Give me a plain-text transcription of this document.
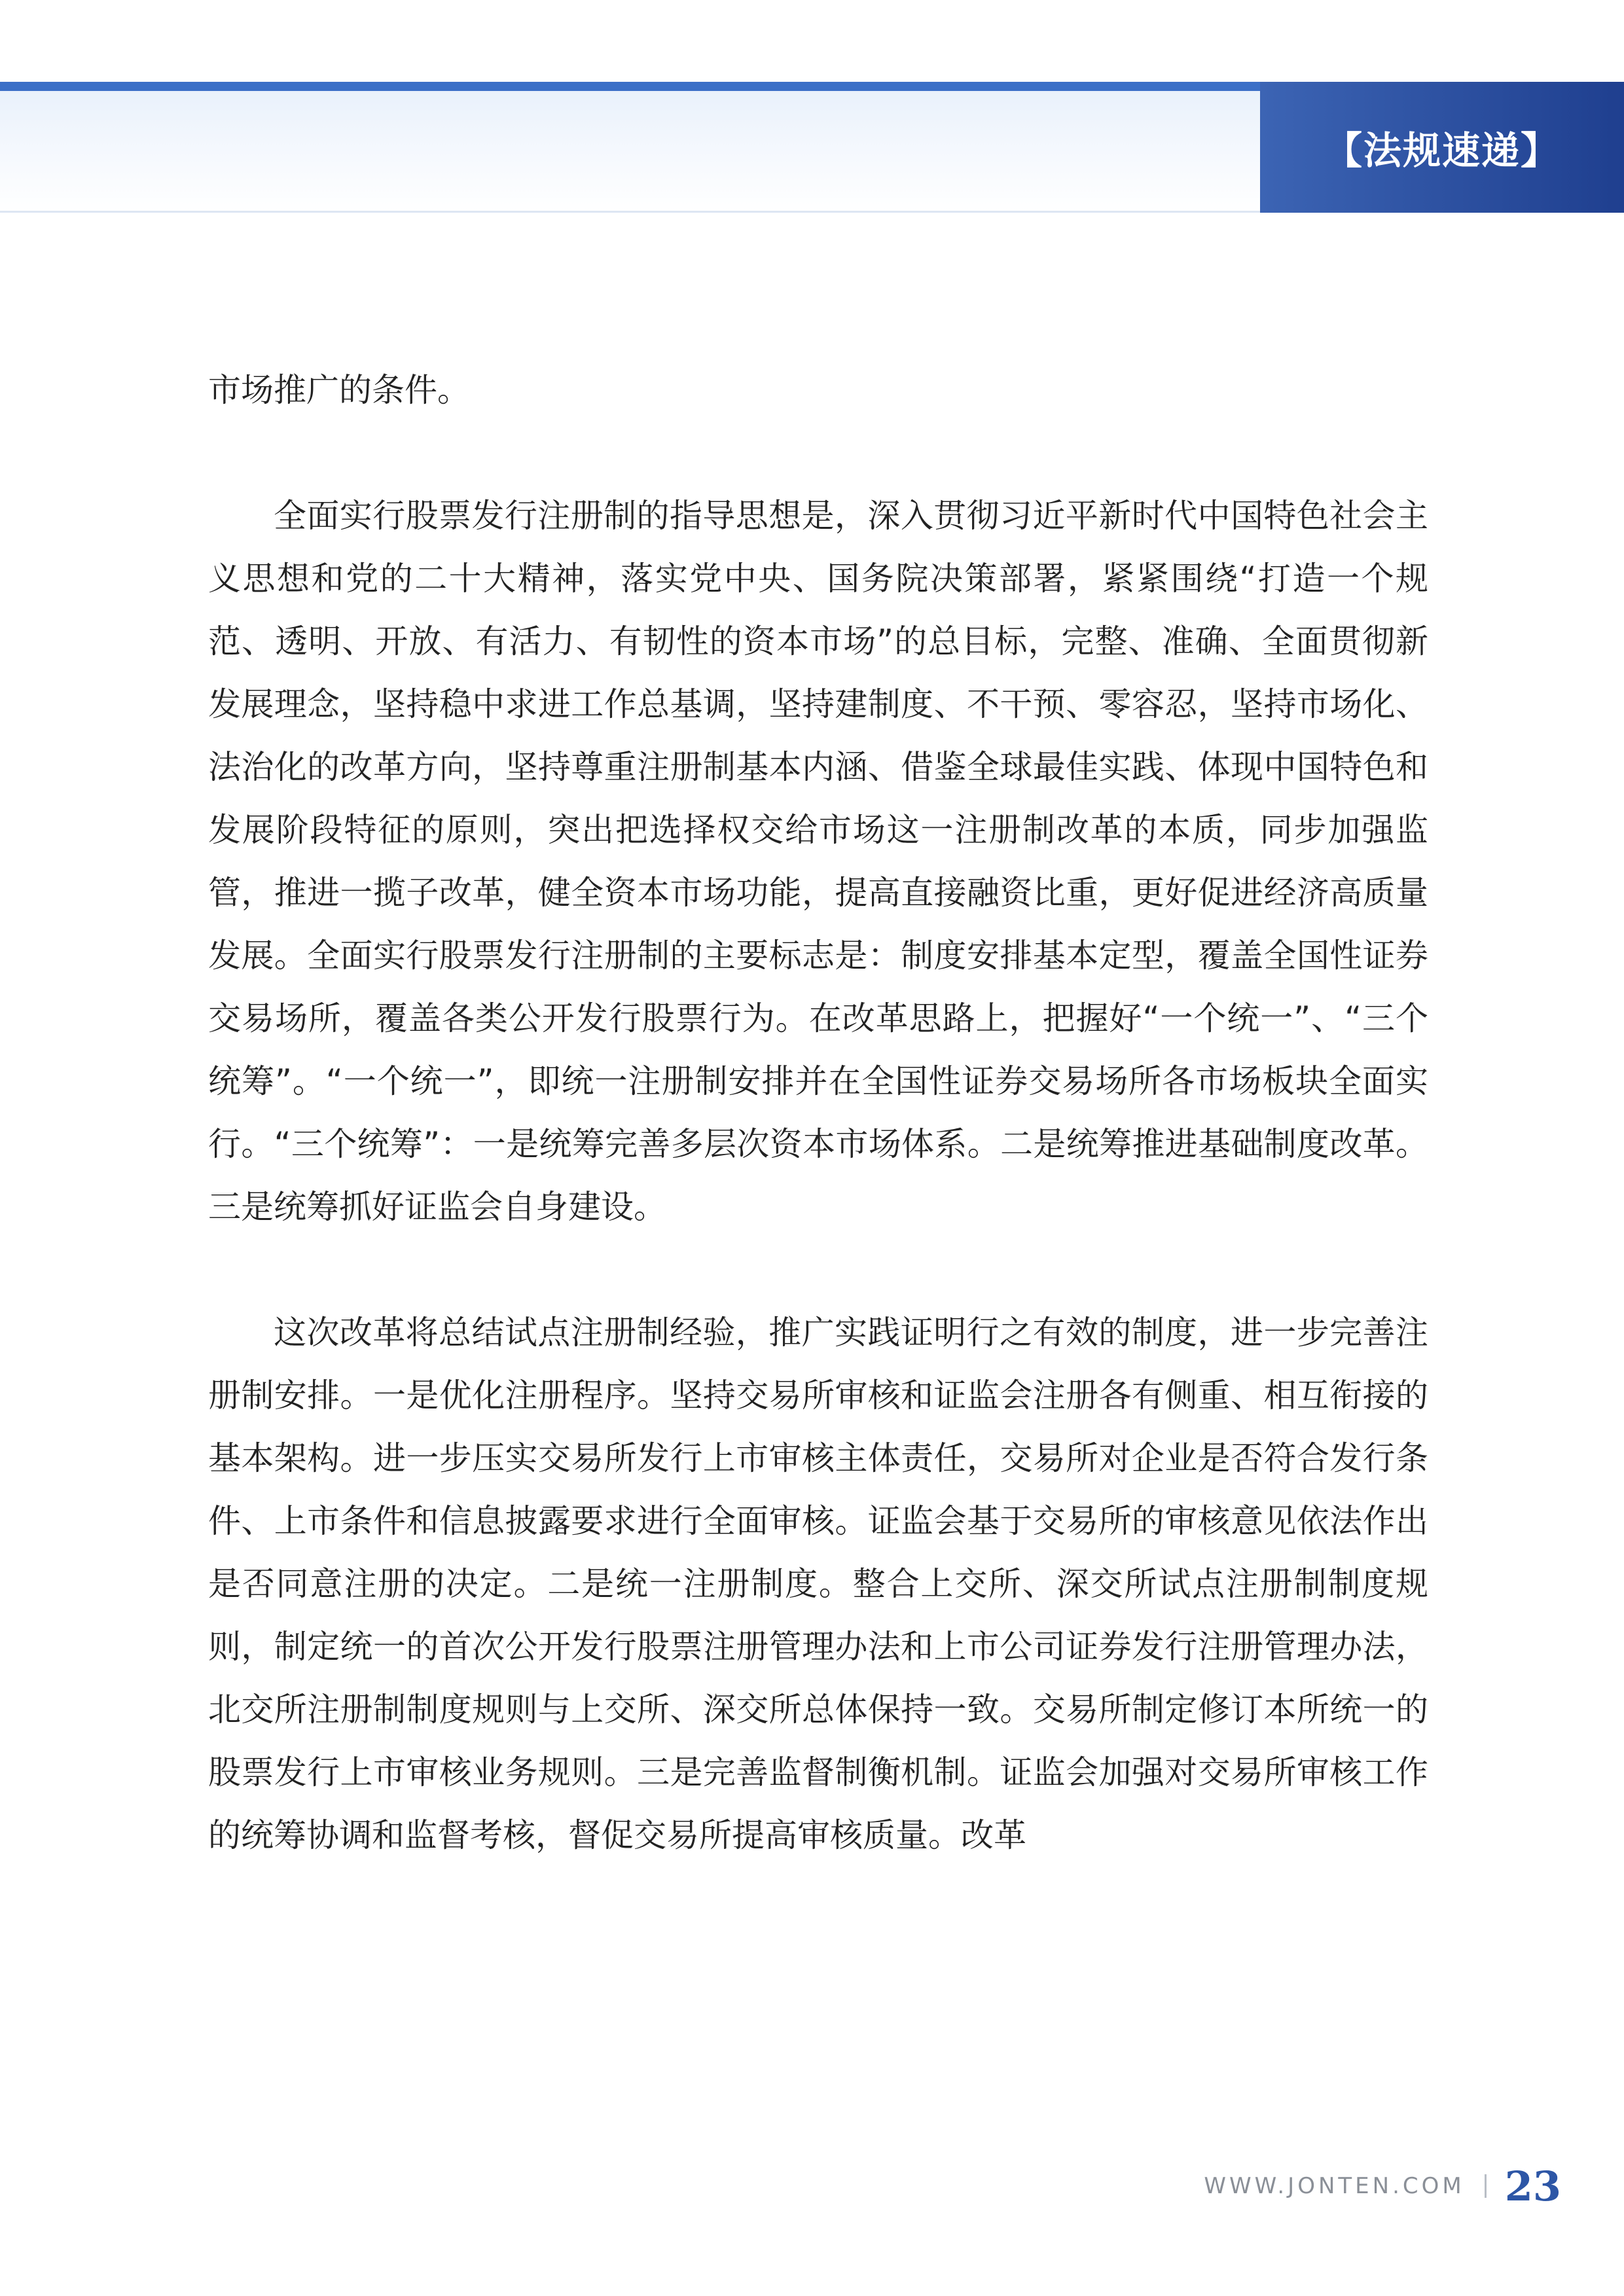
【法规速递】

市场推广的条件。

全面实行股票发行注册制的指导思想是，深入贯彻习近平新时代中国特色社会主义思想和党的二十大精神，落实党中央、国务院决策部署，紧紧围绕“打造一个规范、透明、开放、有活力、有韧性的资本市场”的总目标，完整、准确、全面贯彻新发展理念，坚持稳中求进工作总基调，坚持建制度、不干预、零容忍，坚持市场化、法治化的改革方向，坚持尊重注册制基本内涵、借鉴全球最佳实践、体现中国特色和发展阶段特征的原则，突出把选择权交给市场这一注册制改革的本质，同步加强监管，推进一揽子改革，健全资本市场功能，提高直接融资比重，更好促进经济高质量发展。全面实行股票发行注册制的主要标志是：制度安排基本定型，覆盖全国性证券交易场所，覆盖各类公开发行股票行为。在改革思路上，把握好“一个统一”、“三个统筹”。“一个统一”，即统一注册制安排并在全国性证券交易场所各市场板块全面实行。“三个统筹”：一是统筹完善多层次资本市场体系。二是统筹推进基础制度改革。三是统筹抓好证监会自身建设。

这次改革将总结试点注册制经验，推广实践证明行之有效的制度，进一步完善注册制安排。一是优化注册程序。坚持交易所审核和证监会注册各有侧重、相互衔接的基本架构。进一步压实交易所发行上市审核主体责任，交易所对企业是否符合发行条件、上市条件和信息披露要求进行全面审核。证监会基于交易所的审核意见依法作出是否同意注册的决定。二是统一注册制度。整合上交所、深交所试点注册制制度规则，制定统一的首次公开发行股票注册管理办法和上市公司证券发行注册管理办法，北交所注册制制度规则与上交所、深交所总体保持一致。交易所制定修订本所统一的股票发行上市审核业务规则。三是完善监督制衡机制。证监会加强对交易所审核工作的统筹协调和监督考核，督促交易所提高审核质量。改革

WWW.JONTEN.COM 23
